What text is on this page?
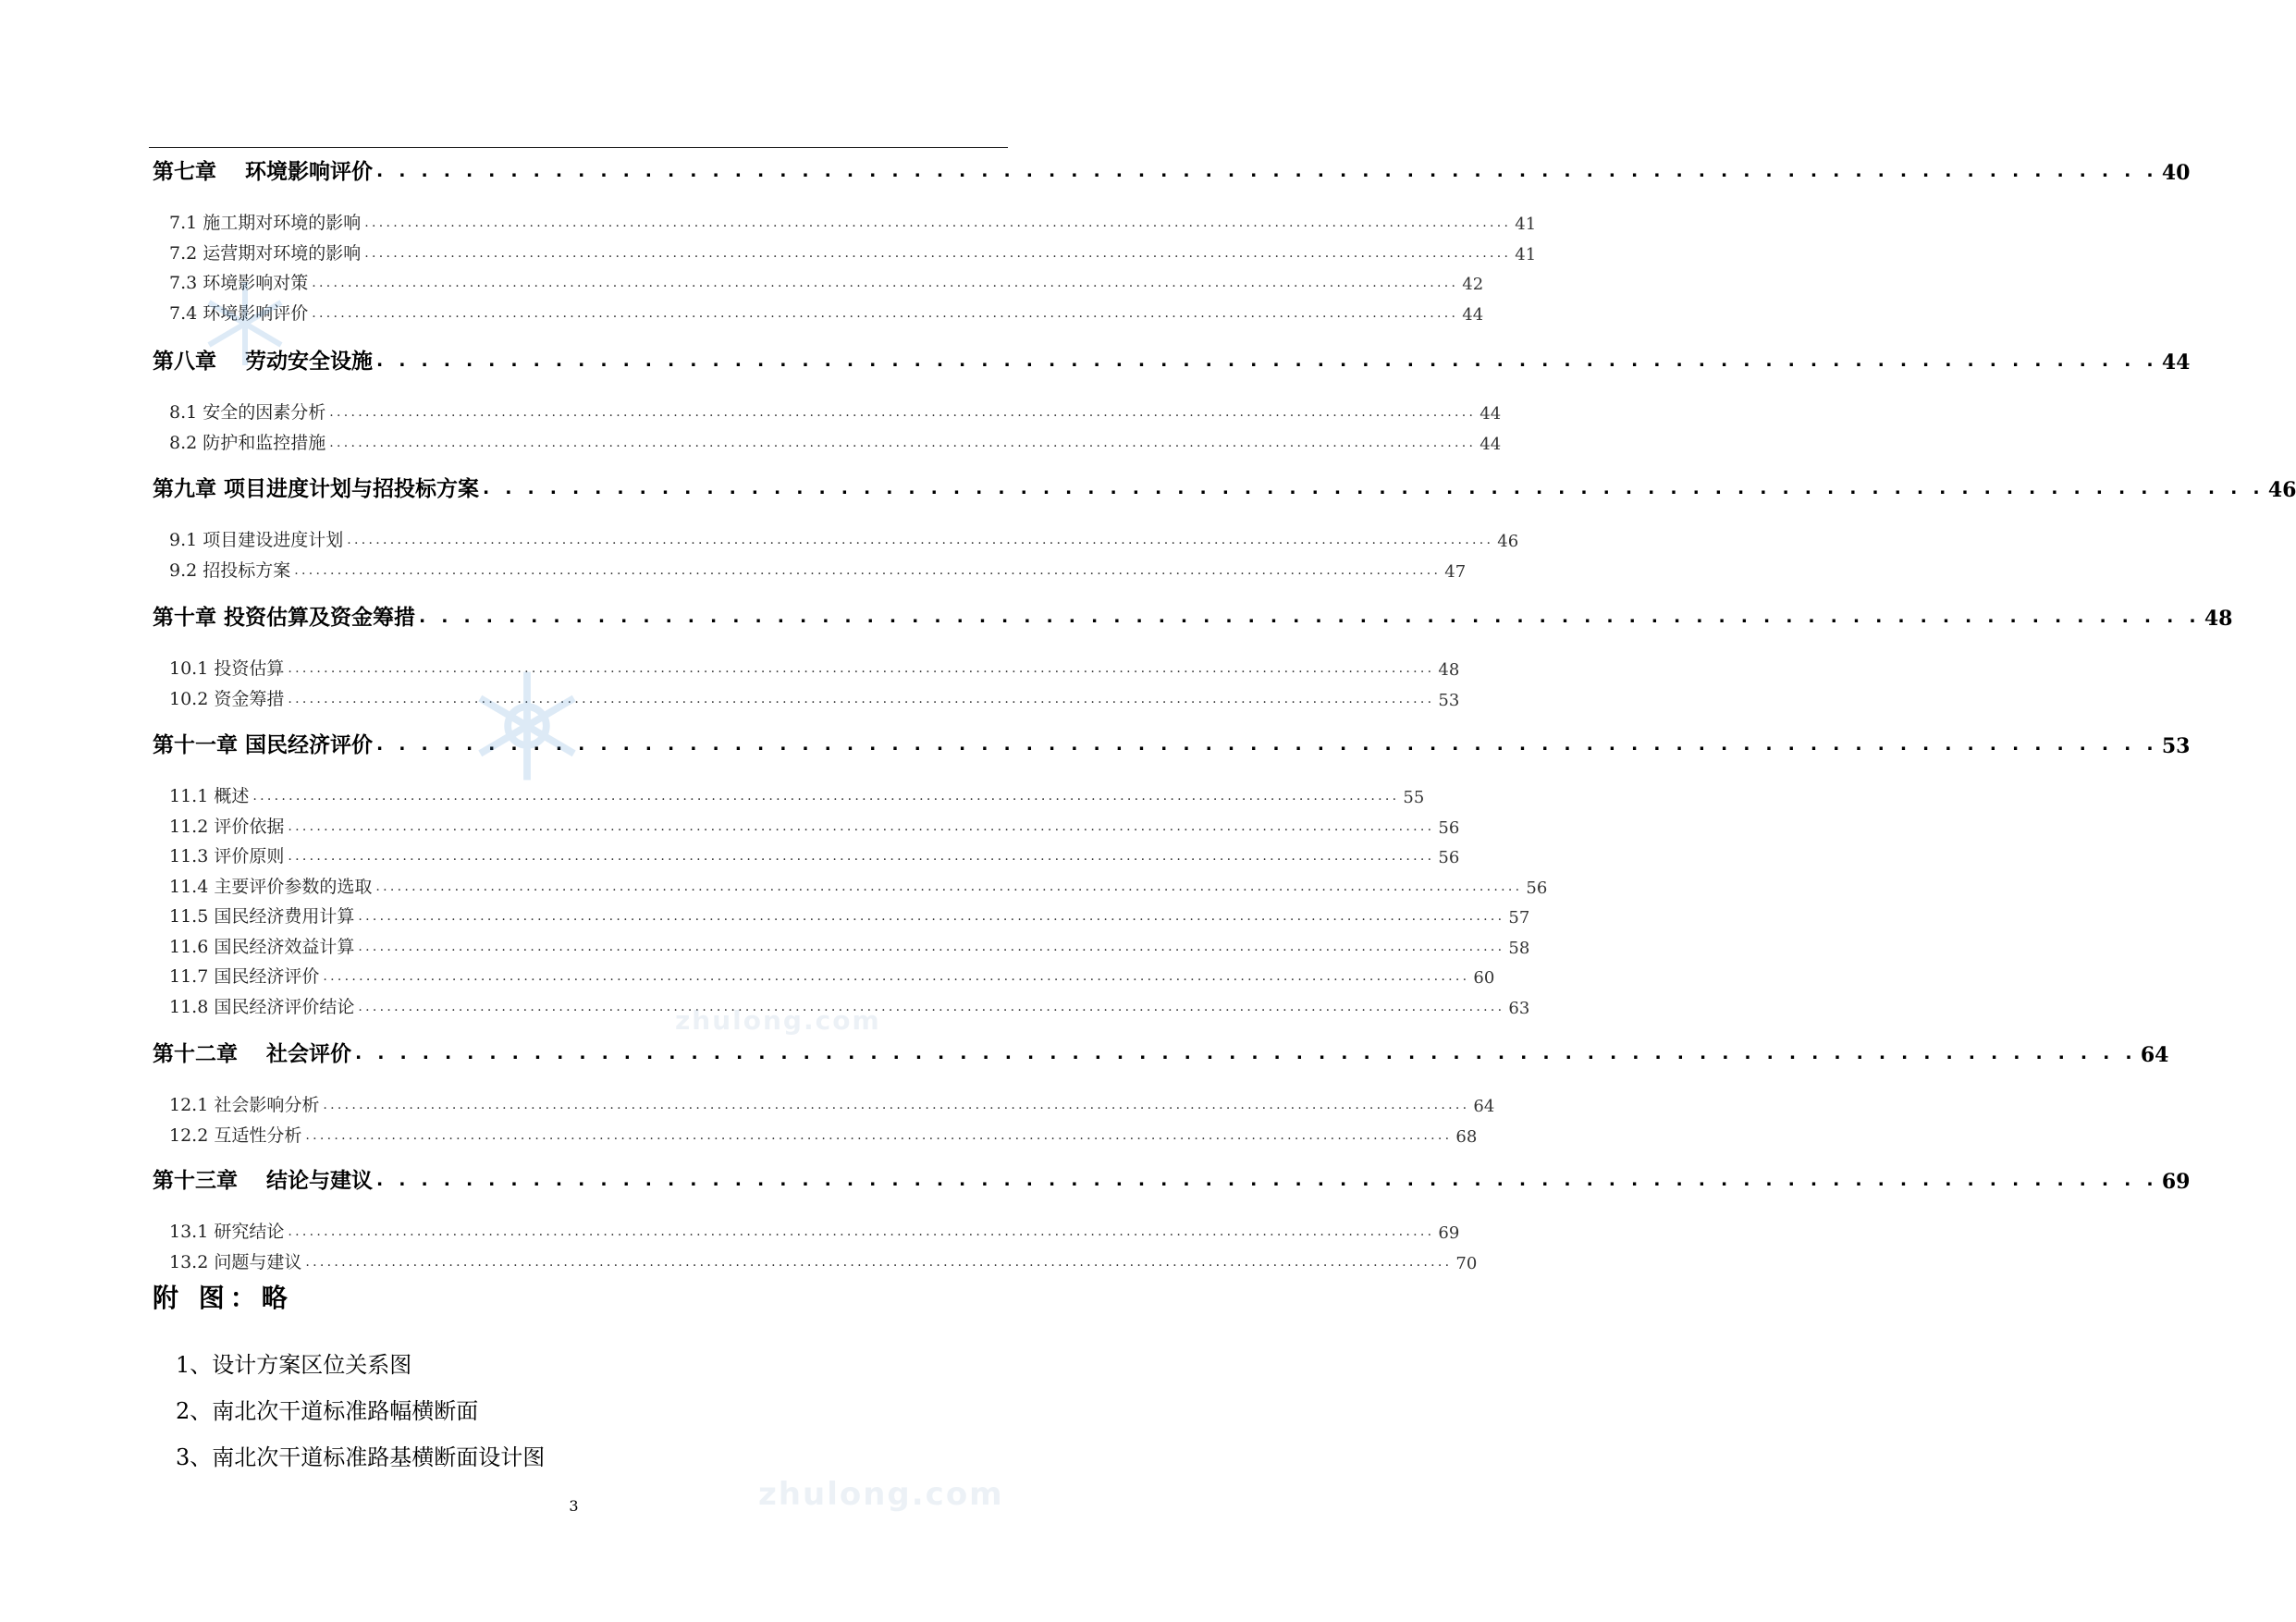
第七章　 环境影响评价 . . . . . . . . . . . . . . . . . . . . . . . . . . . . . . . . . . . . . . . . . . . . . . . . . . . . . . . . . . . . . . . . . . . . . . . . . . . . . . . . 40
7.1 施工期对环境的影响 ................................................................................................................................................................ 41
7.2 运营期对环境的影响 ................................................................................................................................................................ 41
7.3 环境影响对策 ................................................................................................................................................................ 42
7.4 环境影响评价 ................................................................................................................................................................ 44
第八章　 劳动安全设施 . . . . . . . . . . . . . . . . . . . . . . . . . . . . . . . . . . . . . . . . . . . . . . . . . . . . . . . . . . . . . . . . . . . . . . . . . . . . . . . . 44
8.1 安全的因素分析 ................................................................................................................................................................ 44
8.2 防护和监控措施 ................................................................................................................................................................ 44
第九章 项目进度计划与招投标方案 . . . . . . . . . . . . . . . . . . . . . . . . . . . . . . . . . . . . . . . . . . . . . . . . . . . . . . . . . . . . . . . . . . . . . . . . . . . . . . . . 46
9.1 项目建设进度计划 ................................................................................................................................................................ 46
9.2 招投标方案 ................................................................................................................................................................ 47
第十章 投资估算及资金筹措 . . . . . . . . . . . . . . . . . . . . . . . . . . . . . . . . . . . . . . . . . . . . . . . . . . . . . . . . . . . . . . . . . . . . . . . . . . . . . . . . 48
10.1 投资估算 ................................................................................................................................................................ 48
10.2 资金筹措 ................................................................................................................................................................ 53
第十一章 国民经济评价 . . . . . . . . . . . . . . . . . . . . . . . . . . . . . . . . . . . . . . . . . . . . . . . . . . . . . . . . . . . . . . . . . . . . . . . . . . . . . . . . 53
11.1 概述 ................................................................................................................................................................ 55
11.2 评价依据 ................................................................................................................................................................ 56
11.3 评价原则 ................................................................................................................................................................ 56
11.4 主要评价参数的选取 ................................................................................................................................................................ 56
11.5 国民经济费用计算 ................................................................................................................................................................ 57
11.6 国民经济效益计算 ................................................................................................................................................................ 58
11.7 国民经济评价 ................................................................................................................................................................ 60
11.8 国民经济评价结论 ................................................................................................................................................................ 63
第十二章　 社会评价 . . . . . . . . . . . . . . . . . . . . . . . . . . . . . . . . . . . . . . . . . . . . . . . . . . . . . . . . . . . . . . . . . . . . . . . . . . . . . . . . 64
12.1 社会影响分析 ................................................................................................................................................................ 64
12.2 互适性分析 ................................................................................................................................................................ 68
第十三章　 结论与建议 . . . . . . . . . . . . . . . . . . . . . . . . . . . . . . . . . . . . . . . . . . . . . . . . . . . . . . . . . . . . . . . . . . . . . . . . . . . . . . . . 69
13.1 研究结论 ................................................................................................................................................................ 69
13.2 问题与建议 ................................................................................................................................................................ 70
附 图：略
1、设计方案区位关系图
2、南北次干道标准路幅横断面
3、南北次干道标准路基横断面设计图
3
zhulong.com
zhulong.com
